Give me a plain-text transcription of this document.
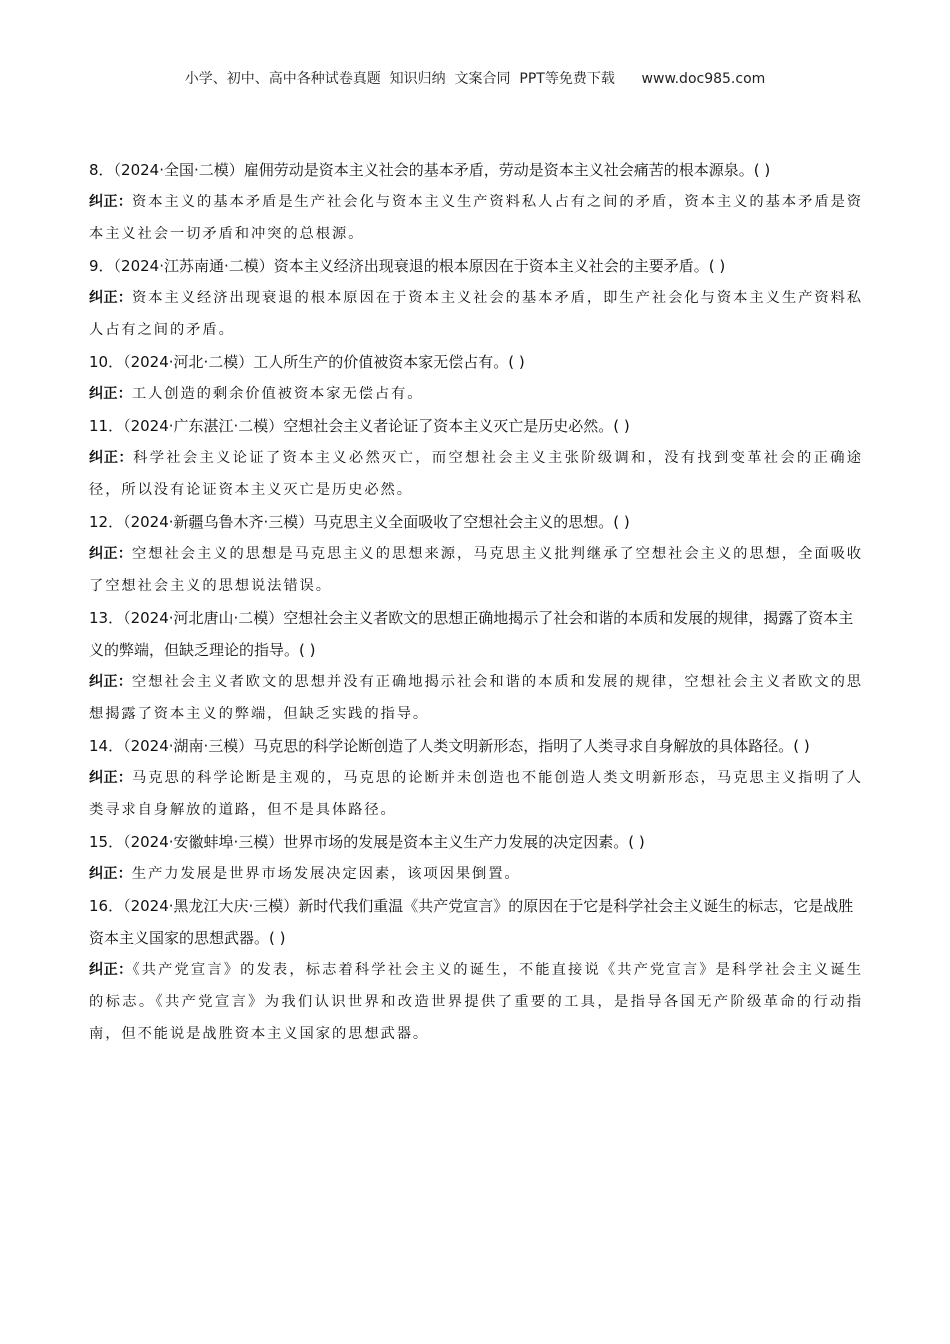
小学、初中、高中各种试卷真题  知识归纳  文案合同  PPT等免费下载      www.doc985.com

8．（2024·全国·二模）雇佣劳动是资本主义社会的基本矛盾，劳动是资本主义社会痛苦的根本源泉。( )

纠正：资本主义的基本矛盾是生产社会化与资本主义生产资料私人占有之间的矛盾，资本主义的基本矛盾是资本主义社会一切矛盾和冲突的总根源。

9．（2024·江苏南通·二模）资本主义经济出现衰退的根本原因在于资本主义社会的主要矛盾。( )

纠正：资本主义经济出现衰退的根本原因在于资本主义社会的基本矛盾，即生产社会化与资本主义生产资料私人占有之间的矛盾。

10．（2024·河北·二模）工人所生产的价值被资本家无偿占有。( )

纠正：工人创造的剩余价值被资本家无偿占有。

11．（2024·广东湛江·二模）空想社会主义者论证了资本主义灭亡是历史必然。( )

纠正：科学社会主义论证了资本主义必然灭亡，而空想社会主义主张阶级调和，没有找到变革社会的正确途径，所以没有论证资本主义灭亡是历史必然。

12．（2024·新疆乌鲁木齐·三模）马克思主义全面吸收了空想社会主义的思想。( )

纠正：空想社会主义的思想是马克思主义的思想来源，马克思主义批判继承了空想社会主义的思想，全面吸收了空想社会主义的思想说法错误。

13．（2024·河北唐山·二模）空想社会主义者欧文的思想正确地揭示了社会和谐的本质和发展的规律，揭露了资本主义的弊端，但缺乏理论的指导。( )

纠正：空想社会主义者欧文的思想并没有正确地揭示社会和谐的本质和发展的规律，空想社会主义者欧文的思想揭露了资本主义的弊端，但缺乏实践的指导。

14．（2024·湖南·三模）马克思的科学论断创造了人类文明新形态，指明了人类寻求自身解放的具体路径。( )

纠正：马克思的科学论断是主观的，马克思的论断并未创造也不能创造人类文明新形态，马克思主义指明了人类寻求自身解放的道路，但不是具体路径。

15．（2024·安徽蚌埠·三模）世界市场的发展是资本主义生产力发展的决定因素。( )

纠正：生产力发展是世界市场发展决定因素，该项因果倒置。

16．（2024·黑龙江大庆·三模）新时代我们重温《共产党宣言》的原因在于它是科学社会主义诞生的标志，它是战胜资本主义国家的思想武器。( )

纠正：《共产党宣言》的发表，标志着科学社会主义的诞生，不能直接说《共产党宣言》是科学社会主义诞生的标志。《共产党宣言》为我们认识世界和改造世界提供了重要的工具，是指导各国无产阶级革命的行动指南，但不能说是战胜资本主义国家的思想武器。
